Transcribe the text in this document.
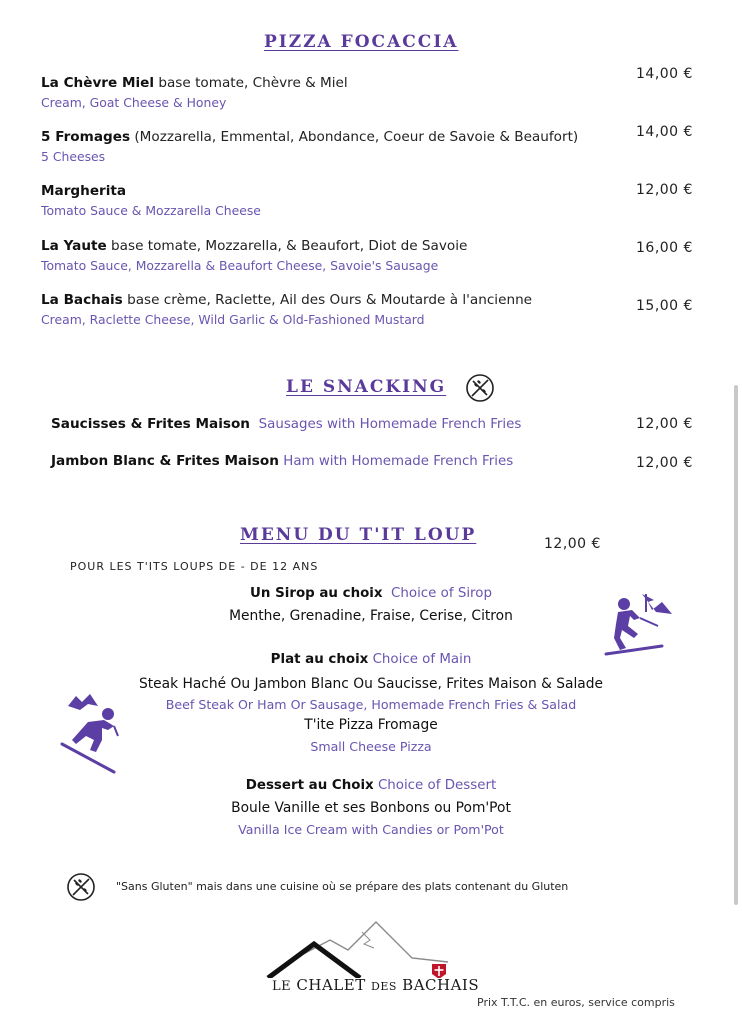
PIZZA FOCACCIA
La Chèvre Miel base tomate, Chèvre & Miel
Cream, Goat Cheese & Honey
14,00 €
5 Fromages (Mozzarella, Emmental, Abondance, Coeur de Savoie & Beaufort)
5 Cheeses
14,00 €
Margherita
Tomato Sauce & Mozzarella Cheese
12,00 €
La Yaute base tomate, Mozzarella, & Beaufort, Diot de Savoie
Tomato Sauce, Mozzarella & Beaufort Cheese, Savoie's Sausage
16,00 €
La Bachais base crème, Raclette, Ail des Ours & Moutarde à l'ancienne
Cream, Raclette Cheese, Wild Garlic & Old-Fashioned Mustard
15,00 €
LE SNACKING
Saucisses & Frites Maison Sausages with Homemade French Fries	12,00 €
Jambon Blanc & Frites Maison Ham with Homemade French Fries	12,00 €
MENU DU T'IT LOUP	12,00 €
POUR LES T'ITS LOUPS DE - DE 12 ANS
Un Sirop au choix Choice of Sirop
Menthe, Grenadine, Fraise, Cerise, Citron
Plat au choix Choice of Main
Steak Haché Ou Jambon Blanc Ou Saucisse, Frites Maison & Salade
Beef Steak Or Ham Or Sausage, Homemade French Fries & Salad
T'ite Pizza Fromage
Small Cheese Pizza
Dessert au Choix Choice of Dessert
Boule Vanille et ses Bonbons ou Pom'Pot
Vanilla Ice Cream with Candies or Pom'Pot
"Sans Gluten" mais dans une cuisine où se prépare des plats contenant du Gluten
LE CHALET DES BACHAIS
Prix T.T.C. en euros, service compris
